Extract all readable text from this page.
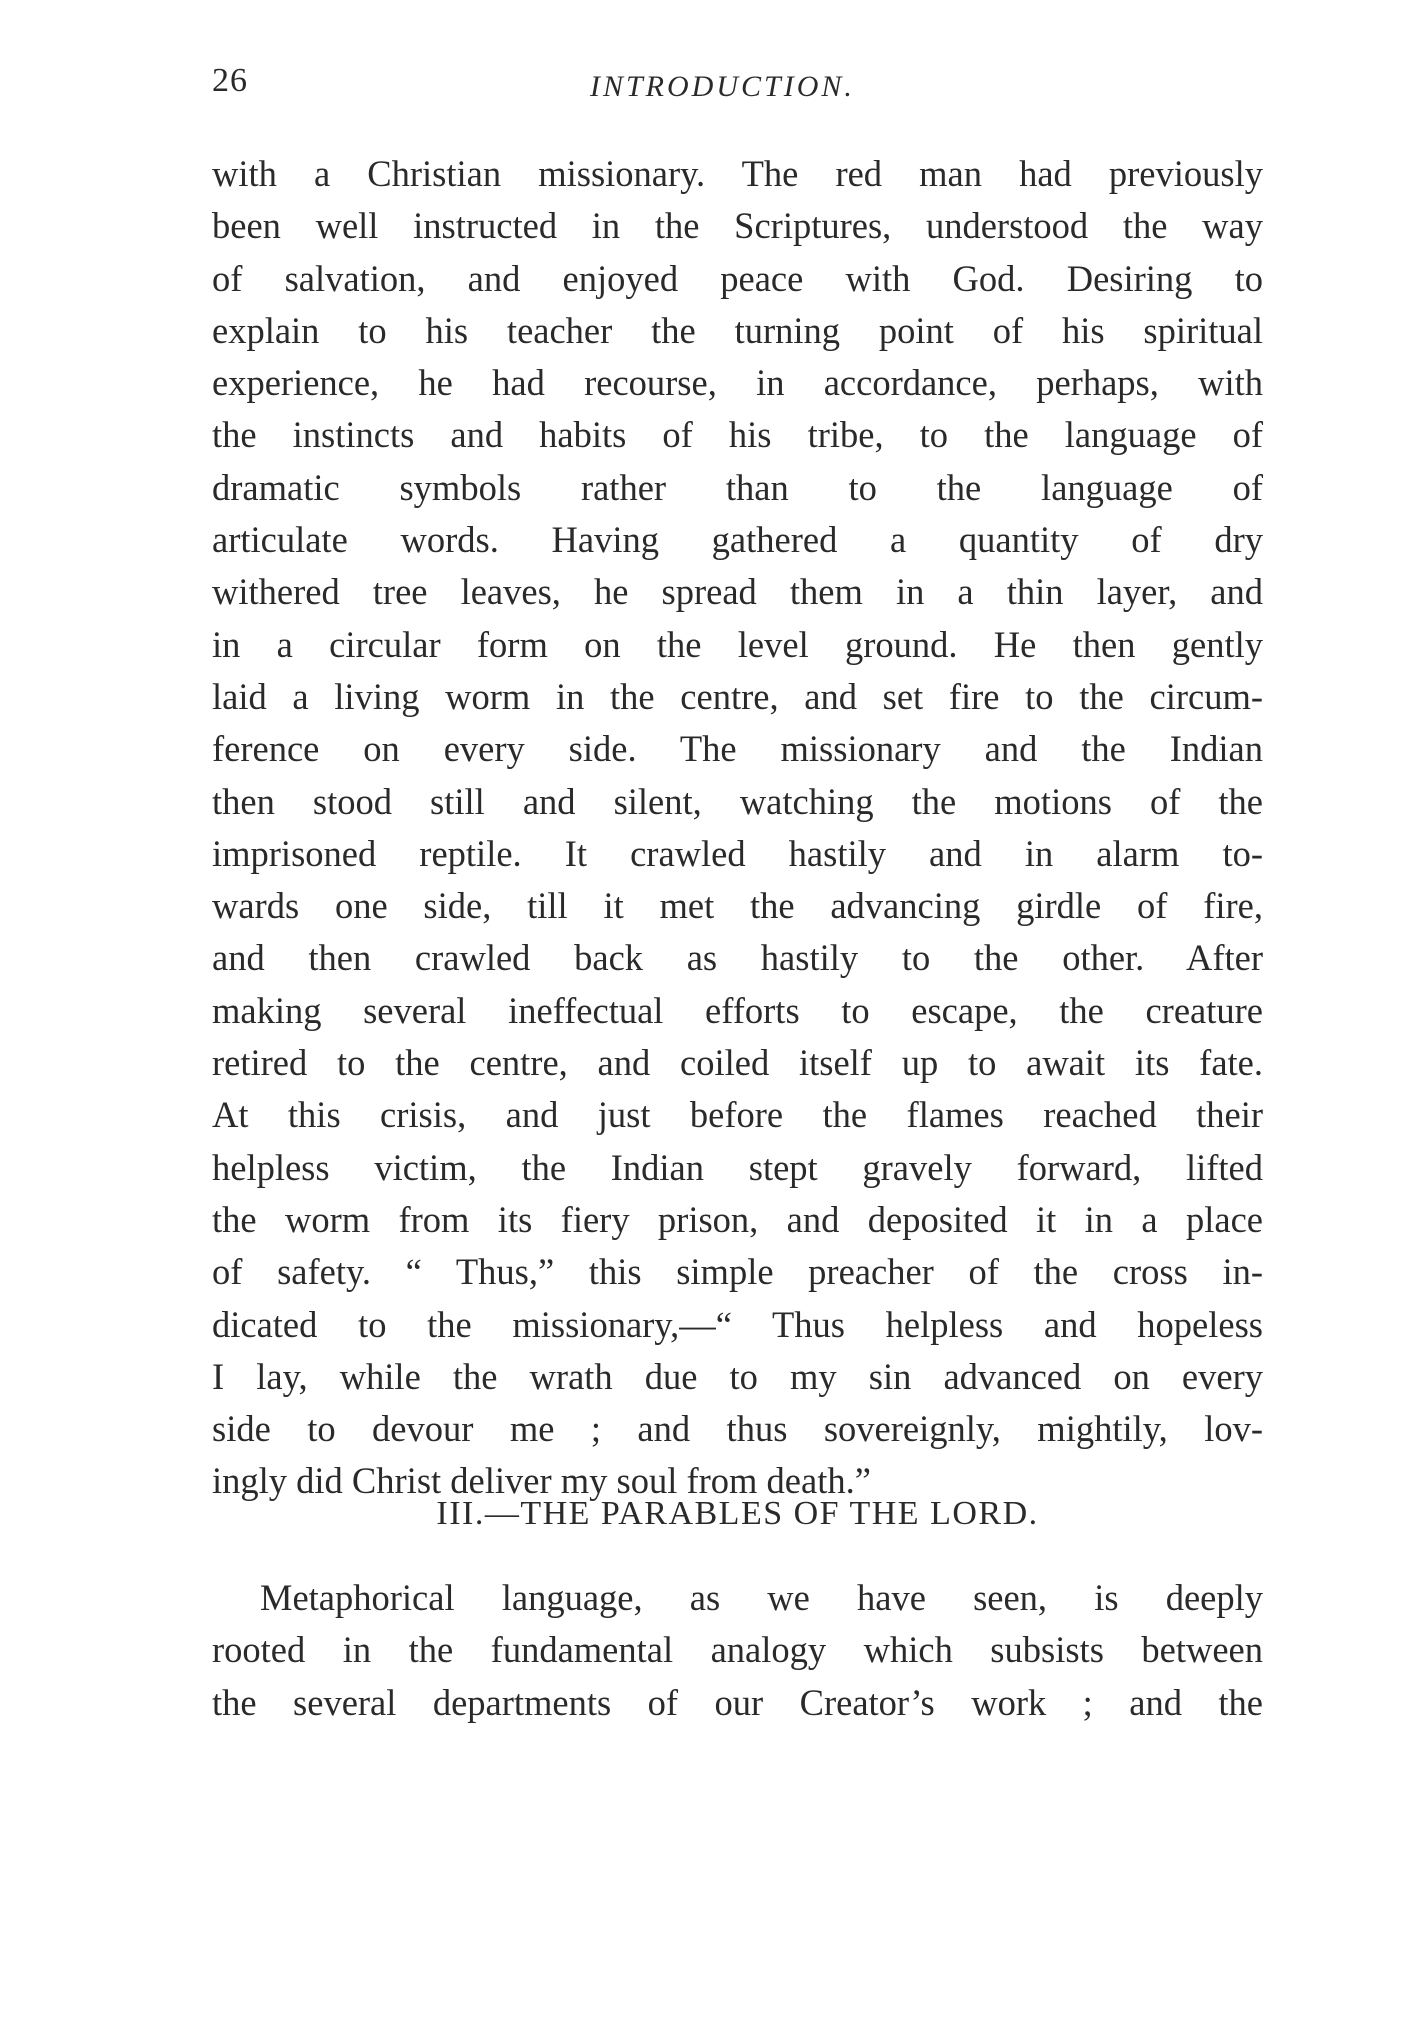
26	INTRODUCTION.
with a Christian missionary. The red man had previously
been well instructed in the Scriptures, understood the way
of salvation, and enjoyed peace with God. Desiring to
explain to his teacher the turning point of his spiritual
experience, he had recourse, in accordance, perhaps, with
the instincts and habits of his tribe, to the language of
dramatic symbols rather than to the language of
articulate words. Having gathered a quantity of dry
withered tree leaves, he spread them in a thin layer, and
in a circular form on the level ground. He then gently
laid a living worm in the centre, and set fire to the circum-
ference on every side. The missionary and the Indian
then stood still and silent, watching the motions of the
imprisoned reptile. It crawled hastily and in alarm to-
wards one side, till it met the advancing girdle of fire,
and then crawled back as hastily to the other. After
making several ineffectual efforts to escape, the creature
retired to the centre, and coiled itself up to await its fate.
At this crisis, and just before the flames reached their
helpless victim, the Indian stept gravely forward, lifted
the worm from its fiery prison, and deposited it in a place
of safety. “ Thus,” this simple preacher of the cross in-
dicated to the missionary,—“ Thus helpless and hopeless
I lay, while the wrath due to my sin advanced on every
side to devour me ; and thus sovereignly, mightily, lov-
ingly did Christ deliver my soul from death.”
III.—THE PARABLES OF THE LORD.
Metaphorical language, as we have seen, is deeply
rooted in the fundamental analogy which subsists between
the several departments of our Creator’s work ; and the
